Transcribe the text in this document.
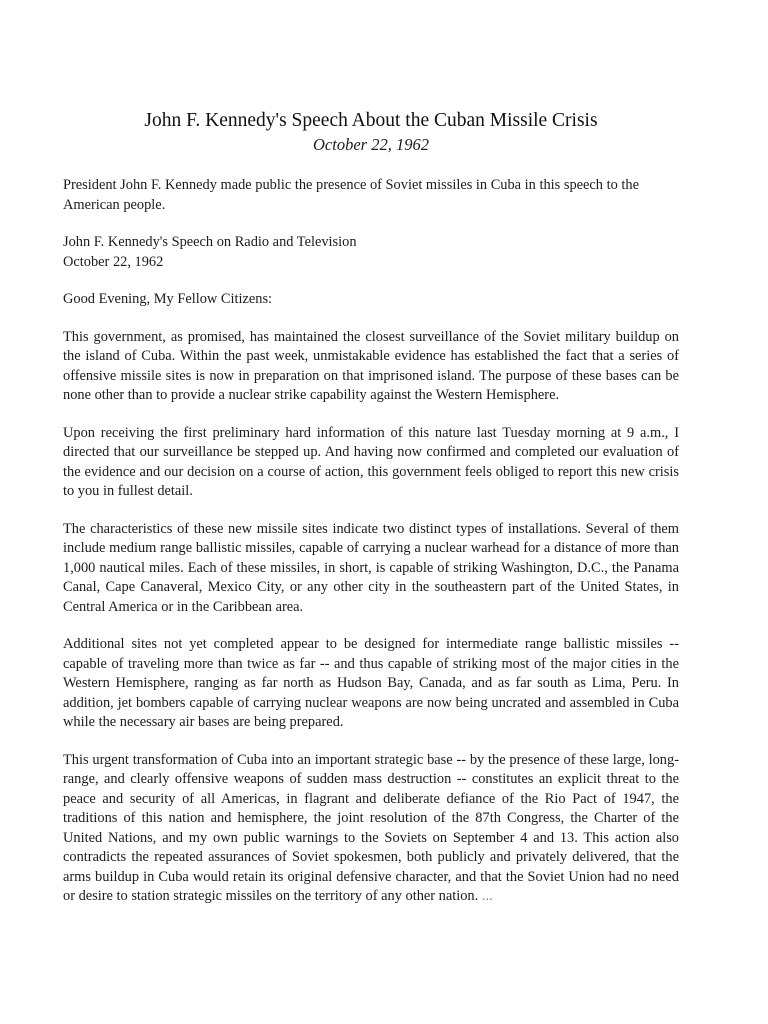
John F. Kennedy's Speech About the Cuban Missile Crisis

October 22, 1962

President John F. Kennedy made public the presence of Soviet missiles in Cuba in this speech to the American people.

John F. Kennedy's Speech on Radio and Television
October 22, 1962

Good Evening, My Fellow Citizens:

This government, as promised, has maintained the closest surveillance of the Soviet military buildup on the island of Cuba. Within the past week, unmistakable evidence has established the fact that a series of offensive missile sites is now in preparation on that imprisoned island. The purpose of these bases can be none other than to provide a nuclear strike capability against the Western Hemisphere.

Upon receiving the first preliminary hard information of this nature last Tuesday morning at 9 a.m., I directed that our surveillance be stepped up. And having now confirmed and completed our evaluation of the evidence and our decision on a course of action, this government feels obliged to report this new crisis to you in fullest detail.

The characteristics of these new missile sites indicate two distinct types of installations. Several of them include medium range ballistic missiles, capable of carrying a nuclear warhead for a distance of more than 1,000 nautical miles. Each of these missiles, in short, is capable of striking Washington, D.C., the Panama Canal, Cape Canaveral, Mexico City, or any other city in the southeastern part of the United States, in Central America or in the Caribbean area.

Additional sites not yet completed appear to be designed for intermediate range ballistic missiles -- capable of traveling more than twice as far -- and thus capable of striking most of the major cities in the Western Hemisphere, ranging as far north as Hudson Bay, Canada, and as far south as Lima, Peru. In addition, jet bombers capable of carrying nuclear weapons are now being uncrated and assembled in Cuba while the necessary air bases are being prepared.

This urgent transformation of Cuba into an important strategic base -- by the presence of these large, long-range, and clearly offensive weapons of sudden mass destruction -- constitutes an explicit threat to the peace and security of all Americas, in flagrant and deliberate defiance of the Rio Pact of 1947, the traditions of this nation and hemisphere, the joint resolution of the 87th Congress, the Charter of the United Nations, and my own public warnings to the Soviets on September 4 and 13. This action also contradicts the repeated assurances of Soviet spokesmen, both publicly and privately delivered, that the arms buildup in Cuba would retain its original defensive character, and that the Soviet Union had no need or desire to station strategic missiles on the territory of any other nation. ...
